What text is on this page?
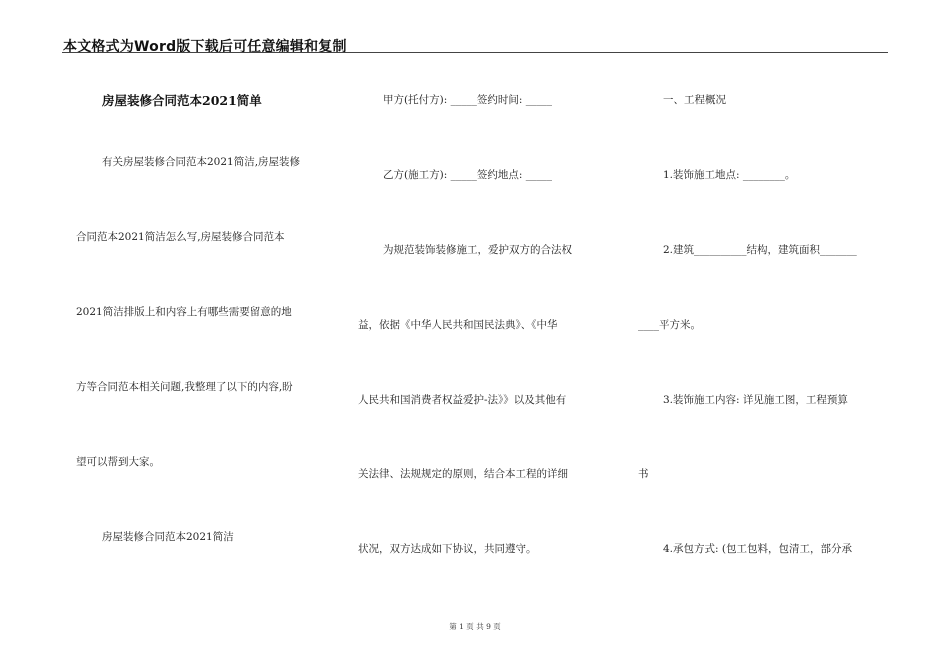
本文格式为Word版下载后可任意编辑和复制
房屋装修合同范本2021简单
有关房屋装修合同范本2021简洁,房屋装修
合同范本2021简洁怎么写,房屋装修合同范本
2021简洁排版上和内容上有哪些需要留意的地
方等合同范本相关问题,我整理了以下的内容,盼
望可以帮到大家。
房屋装修合同范本2021简洁
甲方(托付方): _____签约时间: _____
乙方(施工方): _____签约地点: _____
为规范装饰装修施工，爱护双方的合法权
益，依据《中华人民共和国民法典》、《中华
人民共和国消费者权益爱护-法》》以及其他有
关法律、法规规定的原则，结合本工程的详细
状况，双方达成如下协议，共同遵守。
一、工程概况
1.装饰施工地点: ________。
2.建筑__________结构，建筑面积_______
____平方米。
3.装饰施工内容: 详见施工图，工程预算
书
4.承包方式: (包工包料，包清工，部分承
第 1 页 共 9 页
